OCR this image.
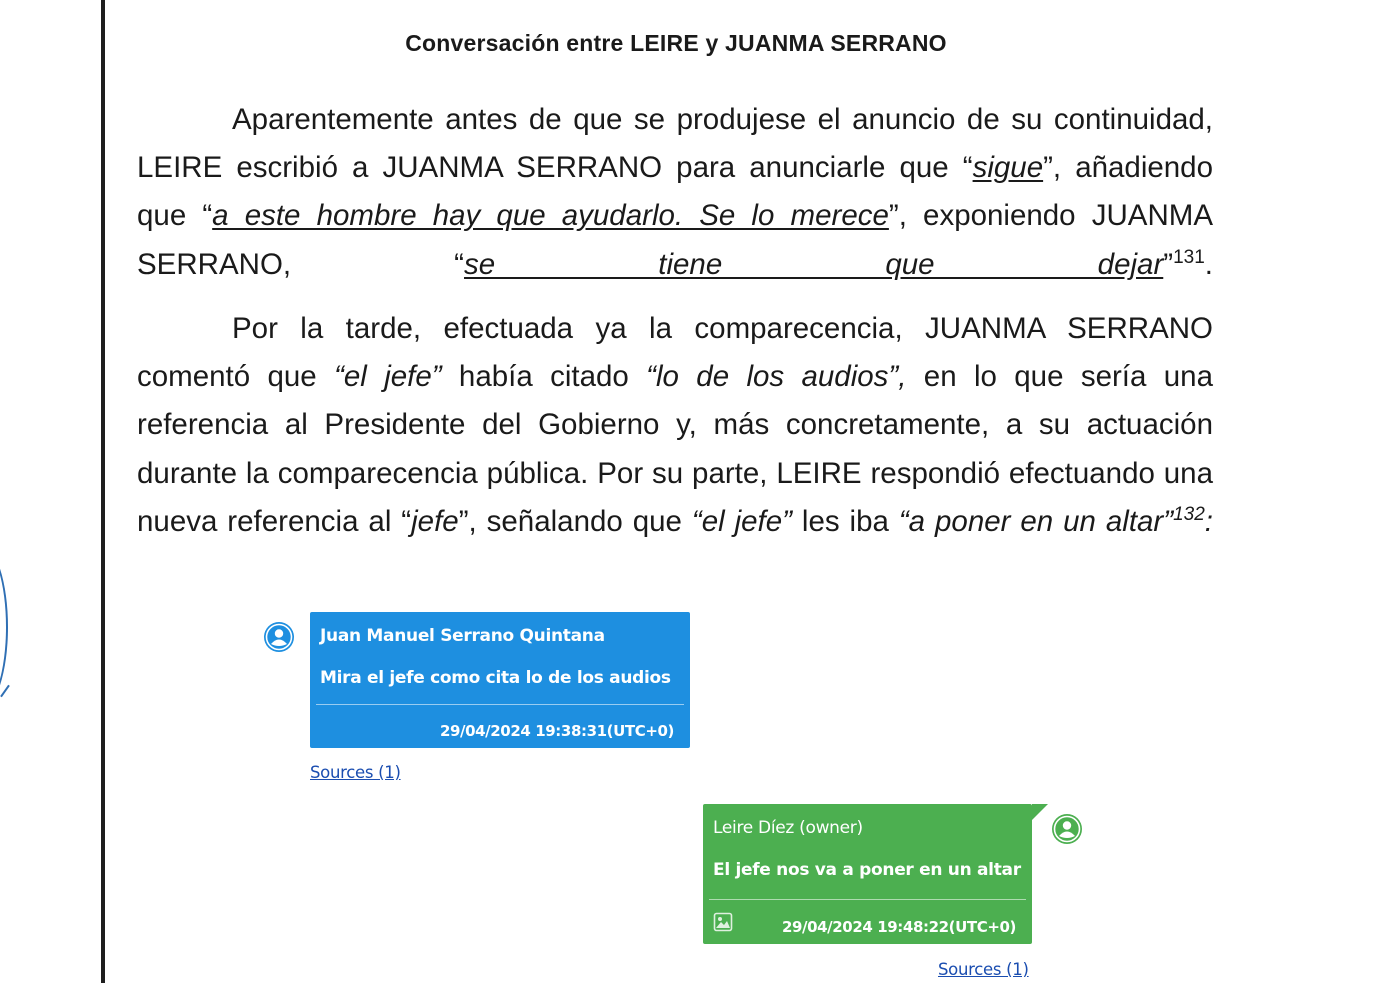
Conversación entre LEIRE y JUANMA SERRANO
Aparentemente antes de que se produjese el anuncio de su continuidad, LEIRE escribió a JUANMA SERRANO para anunciarle que “sigue”, añadiendo que “a este hombre hay que ayudarlo. Se lo merece”, exponiendo JUANMA SERRANO, “se tiene que dejar”$^{131}$.
Por la tarde, efectuada ya la comparecencia, JUANMA SERRANO comentó que “el jefe” había citado “lo de los audios”, en lo que sería una referencia al Presidente del Gobierno y, más concretamente, a su actuación durante la comparecencia pública. Por su parte, LEIRE respondió efectuando una nueva referencia al “jefe”, señalando que “el jefe” les iba “a poner en un altar”$^{132}$:
Juan Manuel Serrano Quintana
Mira el jefe como cita lo de los audios
29/04/2024 19:38:31(UTC+0)
Sources (1)
Leire Díez (owner)
El jefe nos va a poner en un altar
29/04/2024 19:48:22(UTC+0)
Sources (1)
